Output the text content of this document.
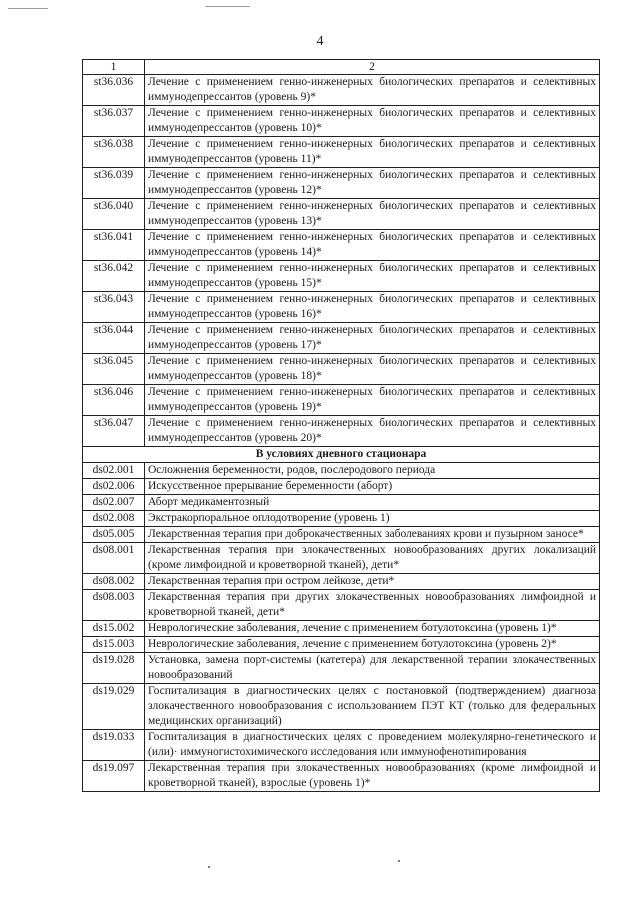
4
1	2
st36.036	Лечение с применением генно-инженерных биологических препаратов и селективных иммунодепрессантов (уровень 9)*
st36.037	Лечение с применением генно-инженерных биологических препаратов и селективных иммунодепрессантов (уровень 10)*
st36.038	Лечение с применением генно-инженерных биологических препаратов и селективных иммунодепрессантов (уровень 11)*
st36.039	Лечение с применением генно-инженерных биологических препаратов и селективных иммунодепрессантов (уровень 12)*
st36.040	Лечение с применением генно-инженерных биологических препаратов и селективных иммунодепрессантов (уровень 13)*
st36.041	Лечение с применением генно-инженерных биологических препаратов и селективных иммунодепрессантов (уровень 14)*
st36.042	Лечение с применением генно-инженерных биологических препаратов и селективных иммунодепрессантов (уровень 15)*
st36.043	Лечение с применением генно-инженерных биологических препаратов и селективных иммунодепрессантов (уровень 16)*
st36.044	Лечение с применением генно-инженерных биологических препаратов и селективных иммунодепрессантов (уровень 17)*
st36.045	Лечение с применением генно-инженерных биологических препаратов и селективных иммунодепрессантов (уровень 18)*
st36.046	Лечение с применением генно-инженерных биологических препаратов и селективных иммунодепрессантов (уровень 19)*
st36.047	Лечение с применением генно-инженерных биологических препаратов и селективных иммунодепрессантов (уровень 20)*
В условиях дневного стационара	
ds02.001	Осложнения беременности, родов, послеродового периода
ds02.006	Искусственное прерывание беременности (аборт)
ds02.007	Аборт медикаментозный
ds02.008	Экстракорпоральное оплодотворение (уровень 1)
ds05.005	Лекарственная терапия при доброкачественных заболеваниях крови и пузырном заносе*
ds08.001	Лекарственная терапия при злокачественных новообразованиях других локализаций (кроме лимфоидной и кроветворной тканей), дети*
ds08.002	Лекарственная терапия при остром лейкозе, дети*
ds08.003	Лекарственная терапия при других злокачественных новообразованиях лимфоидной и кроветворной тканей, дети*
ds15.002	Неврологические заболевания, лечение с применением ботулотоксина (уровень 1)*
ds15.003	Неврологические заболевания, лечение с применением ботулотоксина (уровень 2)*
ds19.028	Установка, замена порт-системы (катетера) для лекарственной терапии злокачественных новообразований
ds19.029	Госпитализация в диагностических целях с постановкой (подтверждением) диагноза злокачественного новообразования с использованием ПЭТ КТ (только для федеральных медицинских организаций)
ds19.033	Госпитализация в диагностических целях с проведением молекулярно-генетического и (или)· иммуногистохимического исследования или иммунофенотипирования
ds19.097	Лекарственная терапия при злокачественных новообразованиях (кроме лимфоидной и кроветворной тканей), взрослые (уровень 1)*
